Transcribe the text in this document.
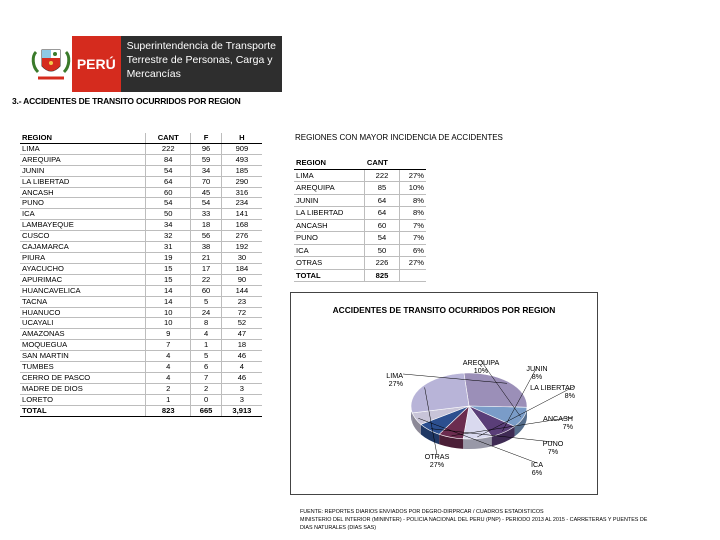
PERÚ
Superintendencia de Transporte
Terrestre de Personas, Carga y
Mercancías
3.- ACCIDENTES DE TRANSITO OCURRIDOS POR REGION
REGION	CANT	F	H
LIMA	222	96	909
AREQUIPA	84	59	493
JUNIN	54	34	185
LA LIBERTAD	64	70	290
ANCASH	60	45	316
PUNO	54	54	234
ICA	50	33	141
LAMBAYEQUE	34	18	168
CUSCO	32	56	276
CAJAMARCA	31	38	192
PIURA	19	21	30
AYACUCHO	15	17	184
APURIMAC	15	22	90
HUANCAVELICA	14	60	144
TACNA	14	5	23
HUANUCO	10	24	72
UCAYALI	10	8	52
AMAZONAS	9	4	47
MOQUEGUA	7	1	18
SAN MARTIN	4	5	46
TUMBES	4	6	4
CERRO DE PASCO	4	7	46
MADRE DE DIOS	2	2	3
LORETO	1	0	3
TOTAL	823	665	3,913
REGIONES CON MAYOR INCIDENCIA DE ACCIDENTES
REGION	CANT	
LIMA	222	27%
AREQUIPA	85	10%
JUNIN	64	8%
LA LIBERTAD	64	8%
ANCASH	60	7%
PUNO	54	7%
ICA	50	6%
OTRAS	226	27%
TOTAL	825	
ACCIDENTES DE TRANSITO OCURRIDOS POR REGION
LIMA
27%
AREQUIPA
10%	JUNIN
8%
LA LIBERTAD
8%
ANCASH
7%
PUNO
7%
ICA
6%
OTRAS
27%
FUENTE: REPORTES DIARIOS ENVIADOS POR DEGRO-DIRPRCAR / CUADROS ESTADISTICOS
MINISTERIO DEL INTERIOR (MININTER) - POLICIA NACIONAL DEL PERU (PNP) - PERIODO 2013 AL 2015 - CARRETERAS Y PUENTES DE
DIAS NATURALES (DIAS SAS)
